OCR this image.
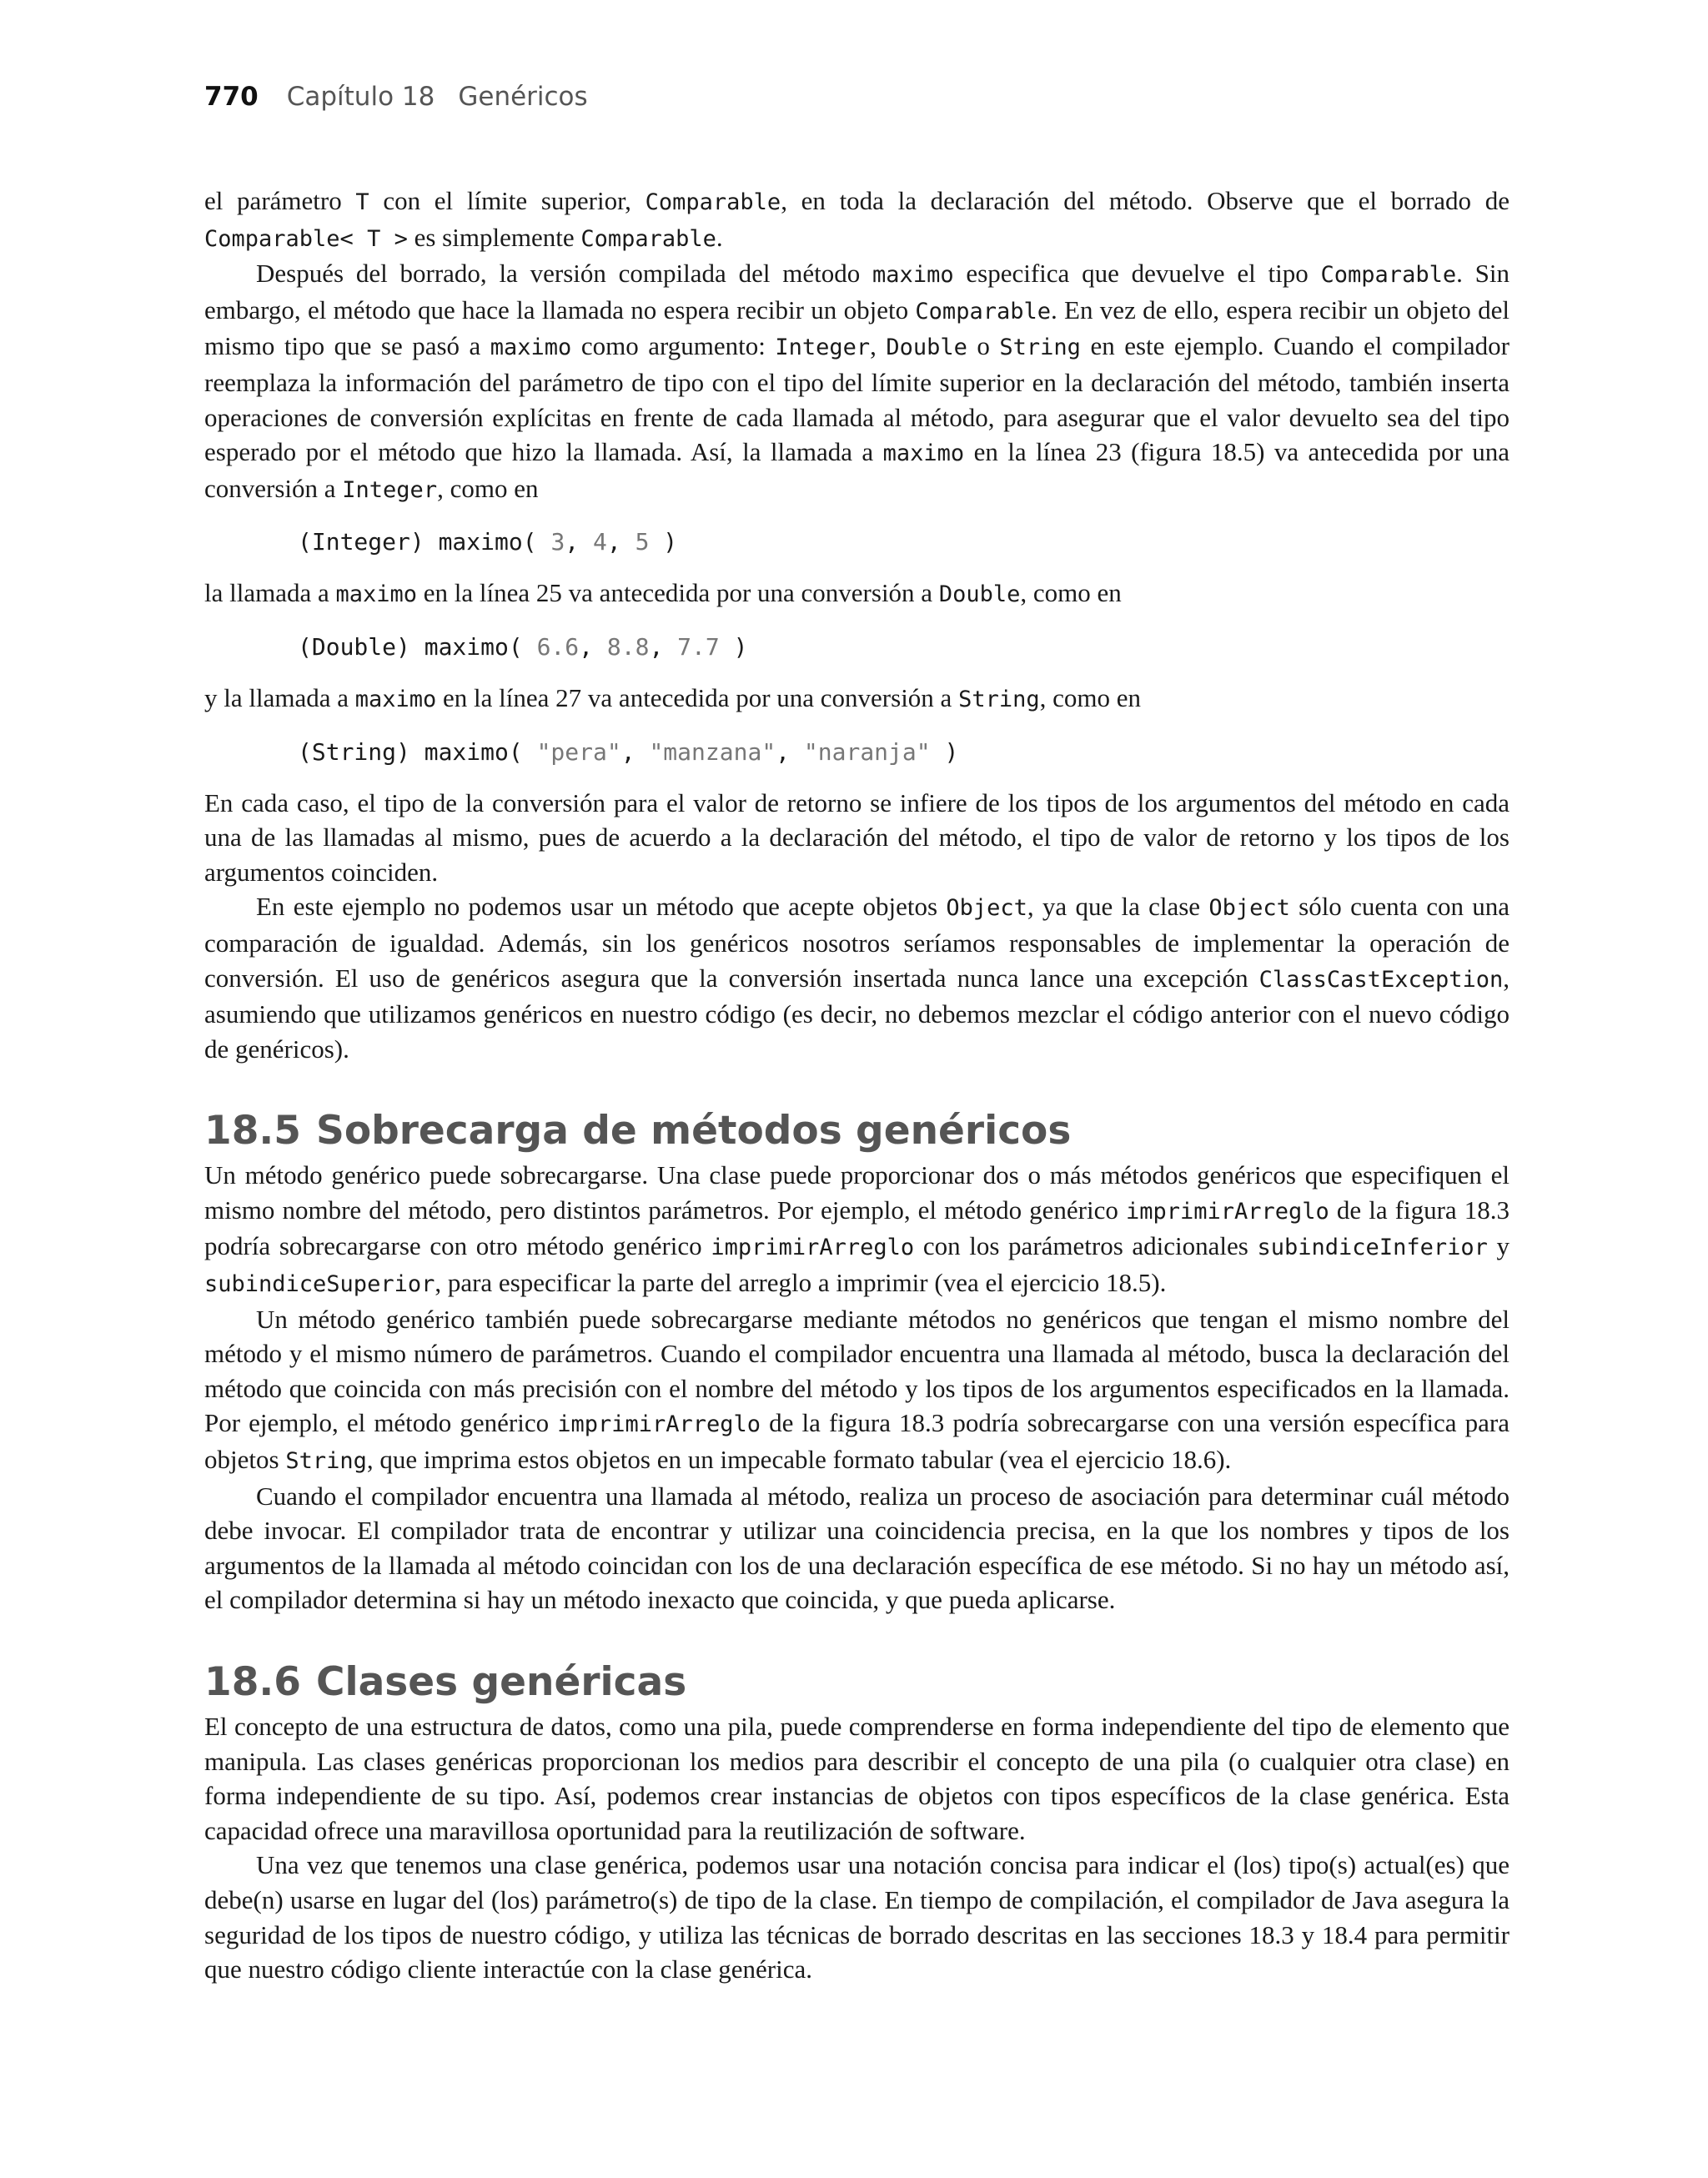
770 Capítulo 18 Genéricos

el parámetro T con el límite superior, Comparable, en toda la declaración del método. Observe que el borrado de Comparable< T > es simplemente Comparable.

Después del borrado, la versión compilada del método maximo especifica que devuelve el tipo Comparable. Sin embargo, el método que hace la llamada no espera recibir un objeto Comparable. En vez de ello, espera recibir un objeto del mismo tipo que se pasó a maximo como argumento: Integer, Double o String en este ejemplo. Cuando el compilador reemplaza la información del parámetro de tipo con el tipo del límite superior en la declaración del método, también inserta operaciones de conversión explícitas en frente de cada llamada al método, para asegurar que el valor devuelto sea del tipo esperado por el método que hizo la llamada. Así, la llamada a maximo en la línea 23 (figura 18.5) va antecedida por una conversión a Integer, como en

(Integer) maximo( 3, 4, 5 )

la llamada a maximo en la línea 25 va antecedida por una conversión a Double, como en

(Double) maximo( 6.6, 8.8, 7.7 )

y la llamada a maximo en la línea 27 va antecedida por una conversión a String, como en

(String) maximo( "pera", "manzana", "naranja" )

En cada caso, el tipo de la conversión para el valor de retorno se infiere de los tipos de los argumentos del método en cada una de las llamadas al mismo, pues de acuerdo a la declaración del método, el tipo de valor de retorno y los tipos de los argumentos coinciden.

En este ejemplo no podemos usar un método que acepte objetos Object, ya que la clase Object sólo cuenta con una comparación de igualdad. Además, sin los genéricos nosotros seríamos responsables de implementar la operación de conversión. El uso de genéricos asegura que la conversión insertada nunca lance una excepción ClassCastException, asumiendo que utilizamos genéricos en nuestro código (es decir, no debemos mezclar el código anterior con el nuevo código de genéricos).

18.5 Sobrecarga de métodos genéricos

Un método genérico puede sobrecargarse. Una clase puede proporcionar dos o más métodos genéricos que especifiquen el mismo nombre del método, pero distintos parámetros. Por ejemplo, el método genérico imprimirArreglo de la figura 18.3 podría sobrecargarse con otro método genérico imprimirArreglo con los parámetros adicionales subindiceInferior y subindiceSuperior, para especificar la parte del arreglo a imprimir (vea el ejercicio 18.5).

Un método genérico también puede sobrecargarse mediante métodos no genéricos que tengan el mismo nombre del método y el mismo número de parámetros. Cuando el compilador encuentra una llamada al método, busca la declaración del método que coincida con más precisión con el nombre del método y los tipos de los argumentos especificados en la llamada. Por ejemplo, el método genérico imprimirArreglo de la figura 18.3 podría sobrecargarse con una versión específica para objetos String, que imprima estos objetos en un impecable formato tabular (vea el ejercicio 18.6).

Cuando el compilador encuentra una llamada al método, realiza un proceso de asociación para determinar cuál método debe invocar. El compilador trata de encontrar y utilizar una coincidencia precisa, en la que los nombres y tipos de los argumentos de la llamada al método coincidan con los de una declaración específica de ese método. Si no hay un método así, el compilador determina si hay un método inexacto que coincida, y que pueda aplicarse.

18.6 Clases genéricas

El concepto de una estructura de datos, como una pila, puede comprenderse en forma independiente del tipo de elemento que manipula. Las clases genéricas proporcionan los medios para describir el concepto de una pila (o cualquier otra clase) en forma independiente de su tipo. Así, podemos crear instancias de objetos con tipos específicos de la clase genérica. Esta capacidad ofrece una maravillosa oportunidad para la reutilización de software.

Una vez que tenemos una clase genérica, podemos usar una notación concisa para indicar el (los) tipo(s) actual(es) que debe(n) usarse en lugar del (los) parámetro(s) de tipo de la clase. En tiempo de compilación, el compilador de Java asegura la seguridad de los tipos de nuestro código, y utiliza las técnicas de borrado descritas en las secciones 18.3 y 18.4 para permitir que nuestro código cliente interactúe con la clase genérica.
